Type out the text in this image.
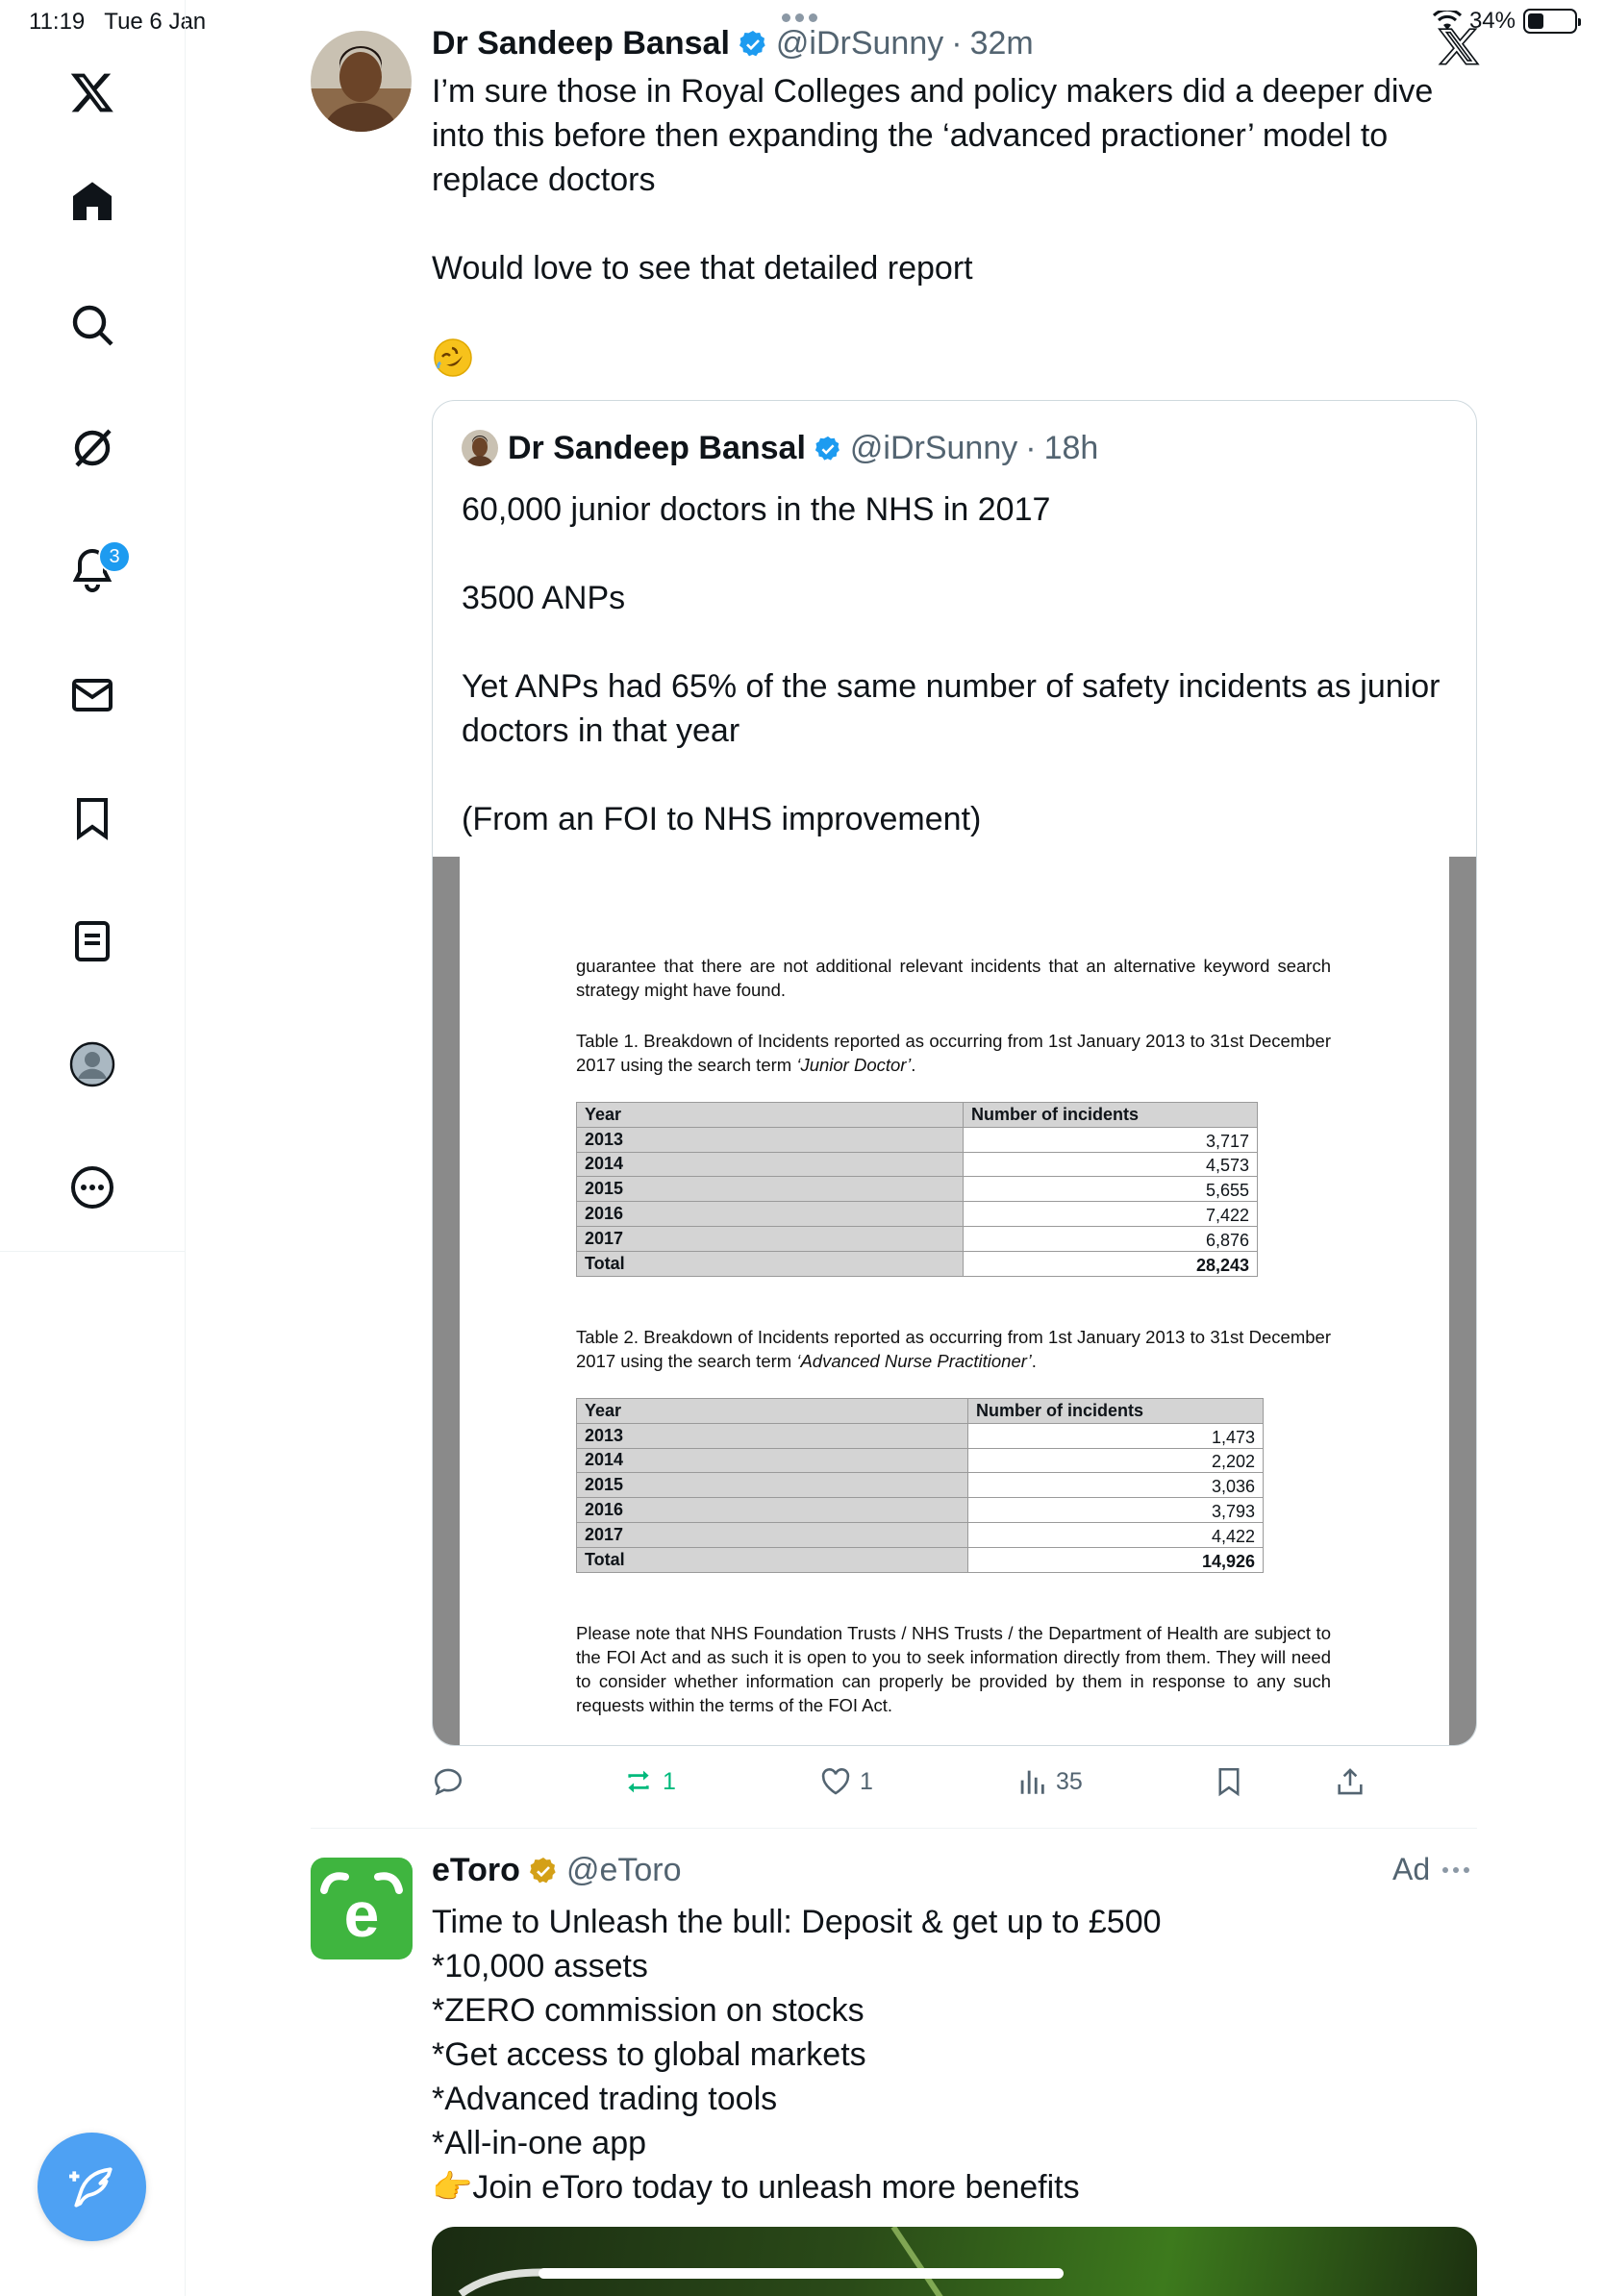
11:19 Tue 6 Jan	34%
3
Dr Sandeep Bansal @iDrSunny · 32m
I’m sure those in Royal Colleges and policy makers did a deeper dive into this before then expanding the ‘advanced practioner’ model to replace doctors

Would love to see that detailed report
Dr Sandeep Bansal @iDrSunny · 18h
60,000 junior doctors in the NHS in 2017

3500 ANPs

Yet ANPs had 65% of the same number of safety incidents as junior doctors in that year

(From an FOI to NHS improvement)
guarantee that there are not additional relevant incidents that an alternative keyword search strategy might have found.
Table 1. Breakdown of Incidents reported as occurring from 1st January 2013 to 31st December 2017 using the search term ‘Junior Doctor’.
Year	Number of incidents
2013	3,717
2014	4,573
2015	5,655
2016	7,422
2017	6,876
Total	28,243
Table 2. Breakdown of Incidents reported as occurring from 1st January 2013 to 31st December 2017 using the search term ‘Advanced Nurse Practitioner’.
Year	Number of incidents
2013	1,473
2014	2,202
2015	3,036
2016	3,793
2017	4,422
Total	14,926
Please note that NHS Foundation Trusts / NHS Trusts / the Department of Health are subject to the FOI Act and as such it is open to you to seek information directly from them. They will need to consider whether information can properly be provided by them in response to any such requests within the terms of the FOI Act.
1	1	35
e
eToro @eToro	Ad
Time to Unleash the bull: Deposit & get up to £500
*10,000 assets
*ZERO commission on stocks
*Get access to global markets
*Advanced trading tools
*All-in-one app
👉Join eToro today to unleash more benefits
